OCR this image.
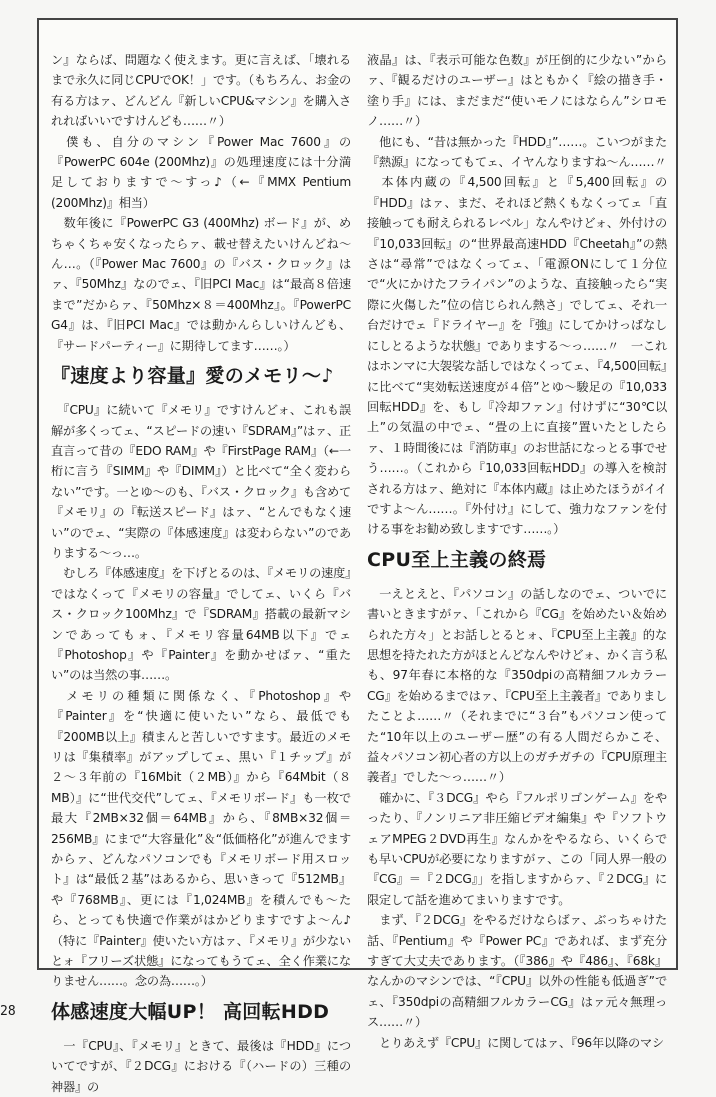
ン』ならば、問題なく使えます。更に言えば、「壊れるまで永久に同じCPUでOK！」です。（もちろん、お金の有る方はァ、どんどん『新しいCPU&マシン』を購入されればいいですけんども……〃）

　僕も、自分のマシン『Power Mac 7600』の『PowerPC 604e (200Mhz)』の処理速度には十分満足しておりますで〜すっ♪（←『MMX Pentium (200Mhz)』相当）

　数年後に『PowerPC G3 (400Mhz) ボード』が、めちゃくちゃ安くなったらァ、載せ替えたいけんどね〜ん…。（『Power Mac 7600』の『バス・クロック』はァ、『50Mhz』なのでェ、『旧PCI Mac』は“最高８倍速まで”だからァ、『50Mhz×８＝400Mhz』。『PowerPC G4』は、『旧PCI Mac』では動かんらしいけんども、『サードパーティー』に期待してます……。）

『速度より容量』愛のメモリ〜♪

　『CPU』に続いて『メモリ』ですけんどォ、これも誤解が多くってェ、“スピードの速い『SDRAM』”はァ、正直言って昔の『EDO RAM』や『FirstPage RAM』（←一桁に言う『SIMM』や『DIMM』）と比べて“全く変わらない”です。一とゆ〜のも、『バス・クロック』も含めて『メモリ』の『転送スピード』はァ、“とんでもなく速い”のでェ、“実際の『体感速度』は変わらない”のでありまする〜っ…。

　むしろ『体感速度』を下げとるのは、『メモリの速度』ではなくって『メモリの容量』でしてェ、いくら『バス・クロック100Mhz』で『SDRAM』搭載の最新マシンであってもォ、『メモリ容量64MB以下』でェ『Photoshop』や『Painter』を動かせばァ、“重たい”のは当然の事……。

　メモリの種類に関係なく、『Photoshop』や『Painter』を“快適に使いたい”なら、最低でも『200MB以上』積まんと苦しいですます。最近のメモリは『集積率』がアップしてェ、黒い『１チップ』が２〜３年前の『16Mbit（２MB）』から『64Mbit（８MB）』に“世代交代”してェ、『メモリボード』も一枚で最大『2MB×32個＝64MB』から、『8MB×32個＝256MB』にまで“大容量化”＆“低価格化”が進んでますからァ、どんなパソコンでも『メモリボード用スロット』は“最低２基”はあるから、思いきって『512MB』や『768MB』、更には『1,024MB』を積んでも〜たら、とっても快適で作業がはかどりますですよ〜ん♪（特に『Painter』使いたい方はァ、『メモリ』が少ないとォ『フリーズ状態』になってもうてェ、全く作業になりません……。念の為……。）

体感速度大幅UP！ 高回転HDD

　一『CPU』、『メモリ』ときて、最後は『HDD』についてですが、『２DCG』における『（ハードの）三種の神器』の

液晶』は、『表示可能な色数』が圧倒的に少ない”からァ、『観るだけのユーザー』はともかく『絵の描き手・塗り手』には、まだまだ“使いモノにはならん”シロモノ……〃）

　他にも、“昔は無かった『HDD』”……。こいつがまた『熱源』になってもてェ、イヤんなりますね〜ん……〃

　本体内蔵の『4,500回転』と『5,400回転』の『HDD』はァ、まだ、それほど熱くもなくってェ「直接触っても耐えられるレベル」なんやけどォ、外付けの『10,033回転』の“世界最高速HDD『Cheetah』”の熱さは“尋常”ではなくってェ、「電源ONにして１分位で“火にかけたフライパン”のような、直接触ったら“実際に火傷した”位の信じられん熱さ」でしてェ、それ一台だけでェ『ドライヤー』を『強』にしてかけっぱなしにしとるような状態』でありまする〜っ……〃　一これはホンマに大袈裟な話しではなくってェ、『4,500回転』に比べて“実効転送速度が４倍”とゆ〜駿足の『10,033回転HDD』を、もし『冷却ファン』付けずに“30℃以上”の気温の中でェ、“畳の上に直接”置いたとしたらァ、１時間後には『消防車』のお世話になっとる事でせう……。（これから『10,033回転HDD』の導入を検討される方はァ、絶対に『本体内蔵』は止めたほうがイイですよ〜ん……。『外付け』にして、強力なファンを付ける事をお勧め致しますです……。）

CPU至上主義の終焉

　一えとえと、『パソコン』の話しなのでェ、ついでに書いときますがァ、「これから『CG』を始めたい＆始められた方々」とお話しとるとォ、『CPU至上主義』的な思想を持たれた方がほとんどなんやけどォ、かく言う私も、97年春に本格的な『350dpiの高精細フルカラーCG』を始めるまではァ、『CPU至上主義者』でありましたことよ……〃（それまでに“３台”もパソコン使ってた“10年以上のユーザー歴”の有る人間だらかこそ、益々パソコン初心者の方以上のガチガチの『CPU原理主義者』でした〜っ……〃）

　確かに、『３DCG』やら『フルポリゴンゲーム』をやったり、『ノンリニア非圧縮ビデオ編集』や『ソフトウェアMPEG２DVD再生』なんかをやるなら、いくらでも早いCPUが必要になりますがァ、この「同人界一般の『CG』＝『２DCG』」を指しますからァ、『２DCG』に限定して話を進めてまいりますです。

　まず、『２DCG』をやるだけならばァ、ぶっちゃけた話、『Pentium』や『Power PC』であれば、まず充分すぎて大丈夫であります。（『386』や『486』、『68k』なんかのマシンでは、“『CPU』以外の性能も低過ぎ”でェ、『350dpiの高精細フルカラーCG』はァ元々無理っス……〃）

　とりあえず『CPU』に関してはァ、『96年以降のマシ

28
